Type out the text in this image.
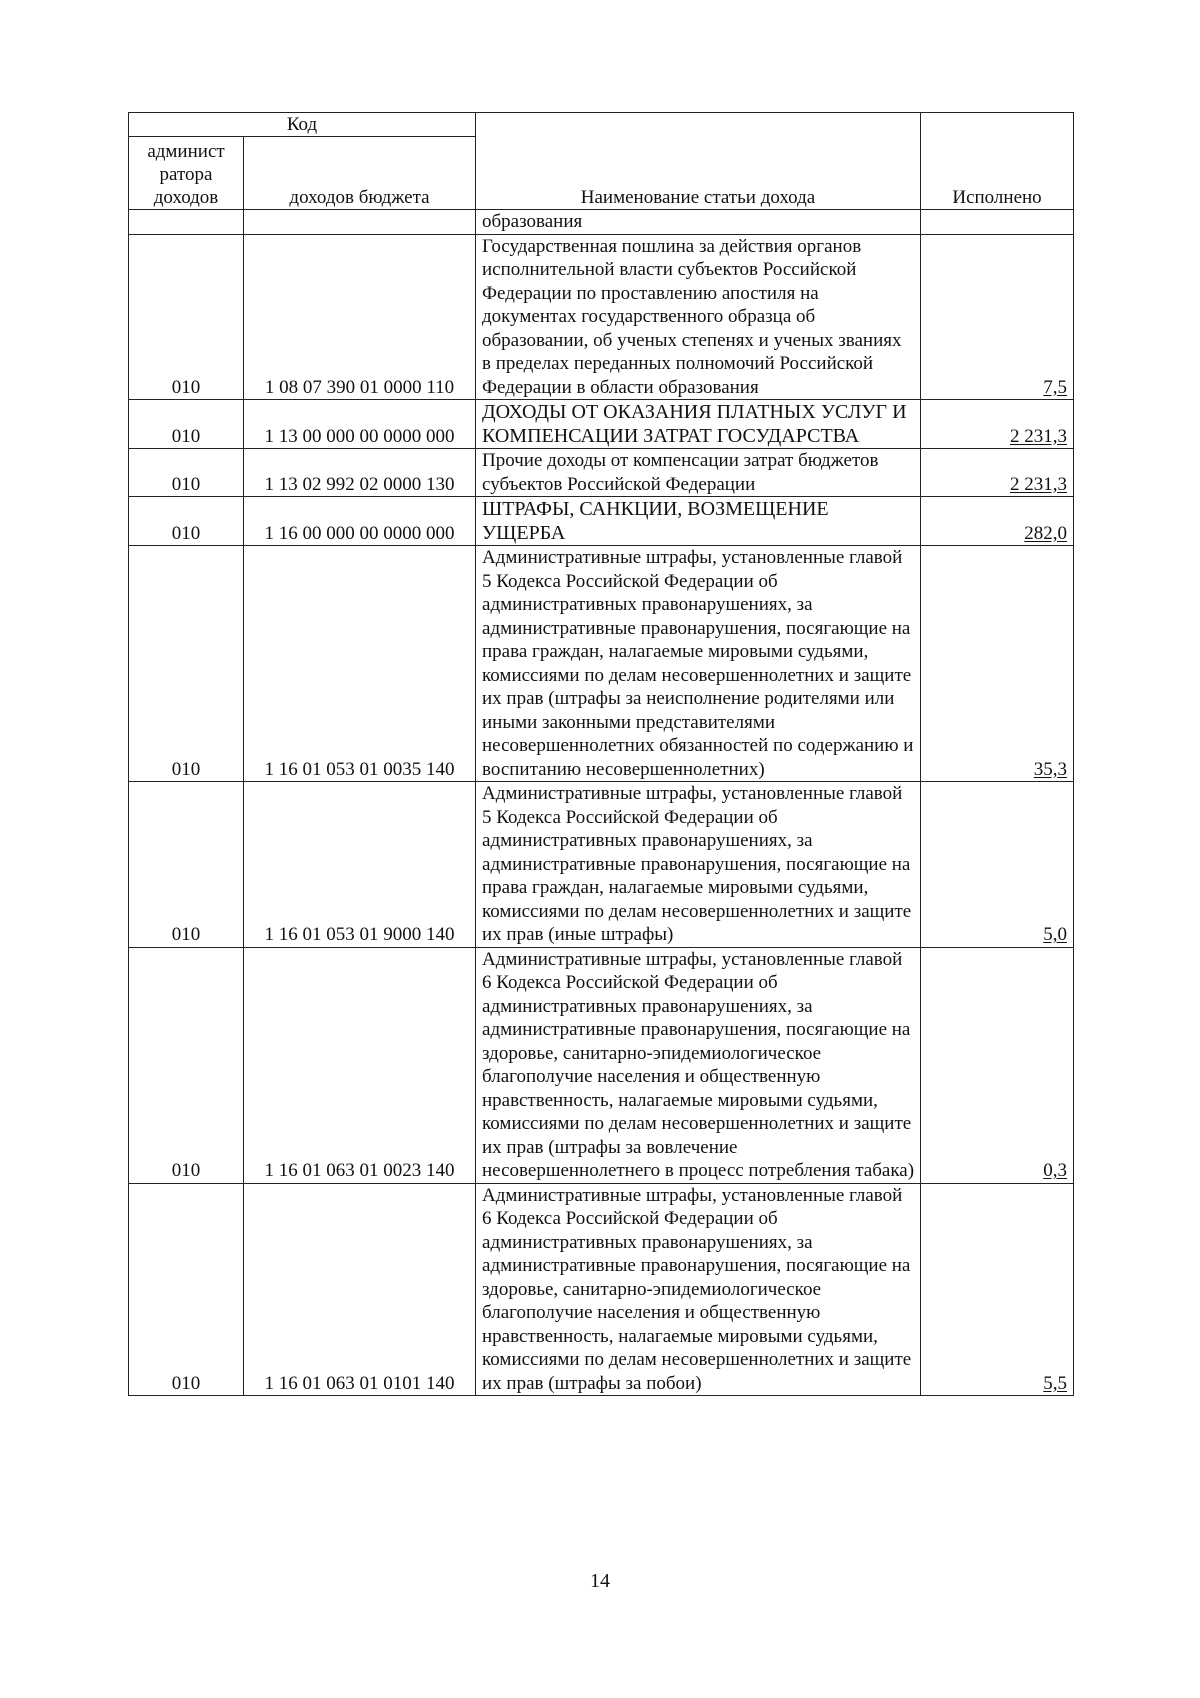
Код		Наименование статьи дохода	Исполнено
админист
ратора
доходов	доходов бюджета		
		образования	
010	1 08 07 390 01 0000 110	Государственная пошлина за действия органов исполнительной власти субъектов Российской Федерации по проставлению апостиля на документах государственного образца об образовании, об ученых степенях и ученых званиях в пределах переданных полномочий Российской Федерации в области образования	7,5
010	1 13 00 000 00 0000 000	ДОХОДЫ ОТ ОКАЗАНИЯ ПЛАТНЫХ УСЛУГ И КОМПЕНСАЦИИ ЗАТРАТ ГОСУДАРСТВА	2 231,3
010	1 13 02 992 02 0000 130	Прочие доходы от компенсации затрат бюджетов субъектов Российской Федерации	2 231,3
010	1 16 00 000 00 0000 000	ШТРАФЫ, САНКЦИИ, ВОЗМЕЩЕНИЕ УЩЕРБА	282,0
010	1 16 01 053 01 0035 140	Административные штрафы, установленные главой 5 Кодекса Российской Федерации об административных правонарушениях, за административные правонарушения, посягающие на права граждан, налагаемые мировыми судьями, комиссиями по делам несовершеннолетних и защите их прав (штрафы за неисполнение родителями или иными законными представителями несовершеннолетних обязанностей по содержанию и воспитанию несовершеннолетних)	35,3
010	1 16 01 053 01 9000 140	Административные штрафы, установленные главой 5 Кодекса Российской Федерации об административных правонарушениях, за административные правонарушения, посягающие на права граждан, налагаемые мировыми судьями, комиссиями по делам несовершеннолетних и защите их прав (иные штрафы)	5,0
010	1 16 01 063 01 0023 140	Административные штрафы, установленные главой 6 Кодекса Российской Федерации об административных правонарушениях, за административные правонарушения, посягающие на здоровье, санитарно-эпидемиологическое благополучие населения и общественную нравственность, налагаемые мировыми судьями, комиссиями по делам несовершеннолетних и защите их прав (штрафы за вовлечение несовершеннолетнего в процесс потребления табака)	0,3
010	1 16 01 063 01 0101 140	Административные штрафы, установленные главой 6 Кодекса Российской Федерации об административных правонарушениях, за административные правонарушения, посягающие на здоровье, санитарно-эпидемиологическое благополучие населения и общественную нравственность, налагаемые мировыми судьями, комиссиями по делам несовершеннолетних и защите их прав (штрафы за побои)	5,5
14
